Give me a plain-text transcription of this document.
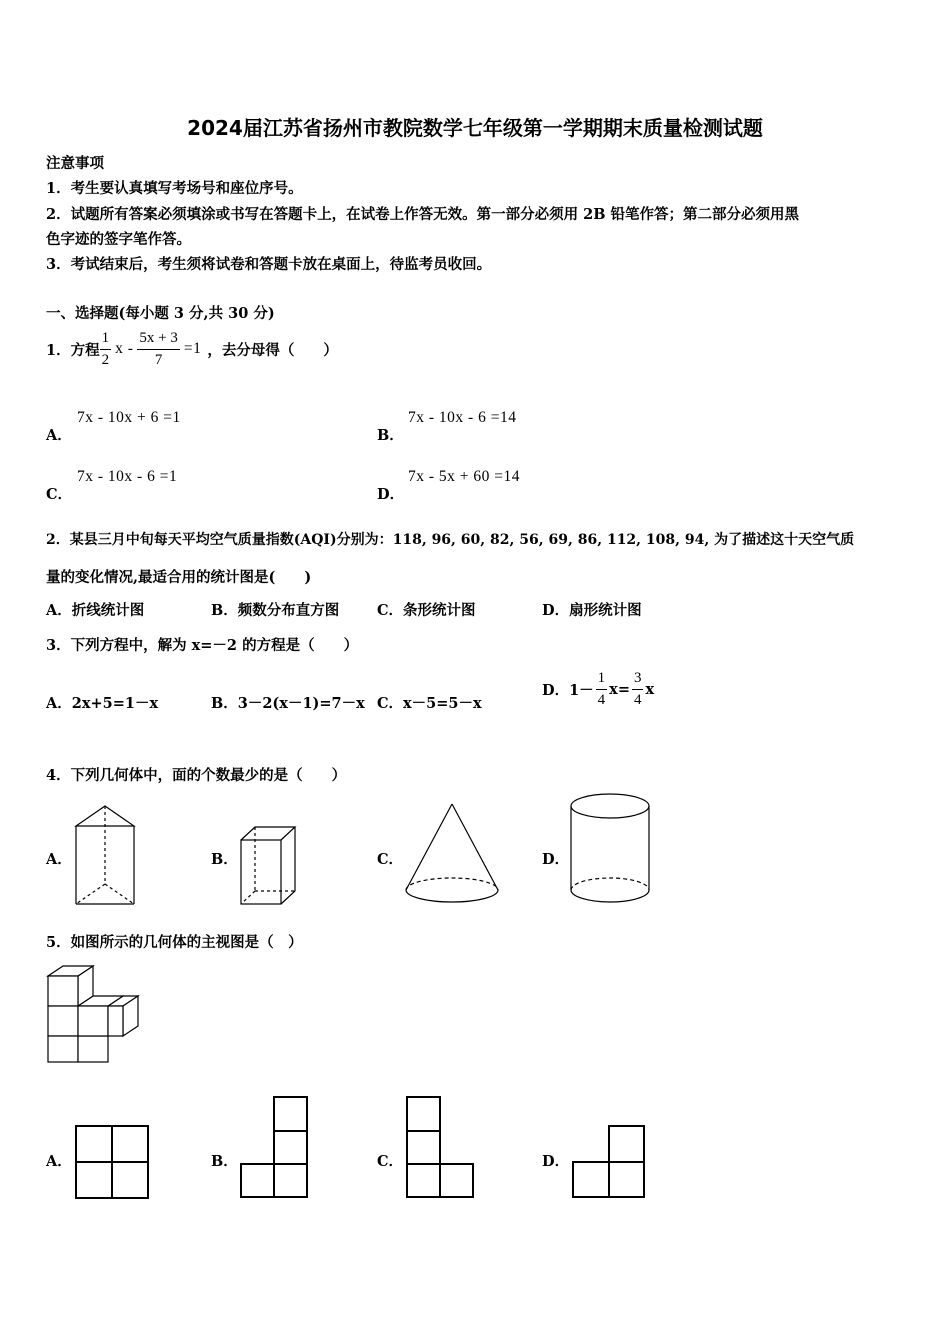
2024届江苏省扬州市教院数学七年级第一学期期末质量检测试题
注意事项
1．考生要认真填写考场号和座位序号。
2．试题所有答案必须填涂或书写在答题卡上，在试卷上作答无效。第一部分必须用 2B 铅笔作答；第二部分必须用黑
色字迹的签字笔作答。
3．考试结束后，考生须将试卷和答题卡放在桌面上，待监考员收回。
一、选择题(每小题 3 分,共 30 分)
1．方程 $\frac{1}{2}$ $x - \frac{5x + 3}{7} =1$ ，去分母得（　　）
A．
7x - 10x + 6 =1
B．
7x - 10x - 6 =14
C．
7x - 10x - 6 =1
D．
7x - 5x + 60 =14
2．某县三月中旬每天平均空气质量指数(AQI)分别为：118, 96, 60, 82, 56, 69, 86, 112, 108, 94, 为了描述这十天空气质
量的变化情况,最适合用的统计图是(　　)
A．折线统计图	B．频数分布直方图	C．条形统计图	D．扇形统计图
3．下列方程中，解为 x=－2 的方程是（　　）
A．2x+5=1－x	B．3－2(x－1)=7－x C．x－5=5－x
D．$1- \frac{1}{4} x= \frac{3}{4}$ x
4．下列几何体中，面的个数最少的是（　　）
A．	B．	C．	D．
5．如图所示的几何体的主视图是（　）
A．	B．	C．	D．
